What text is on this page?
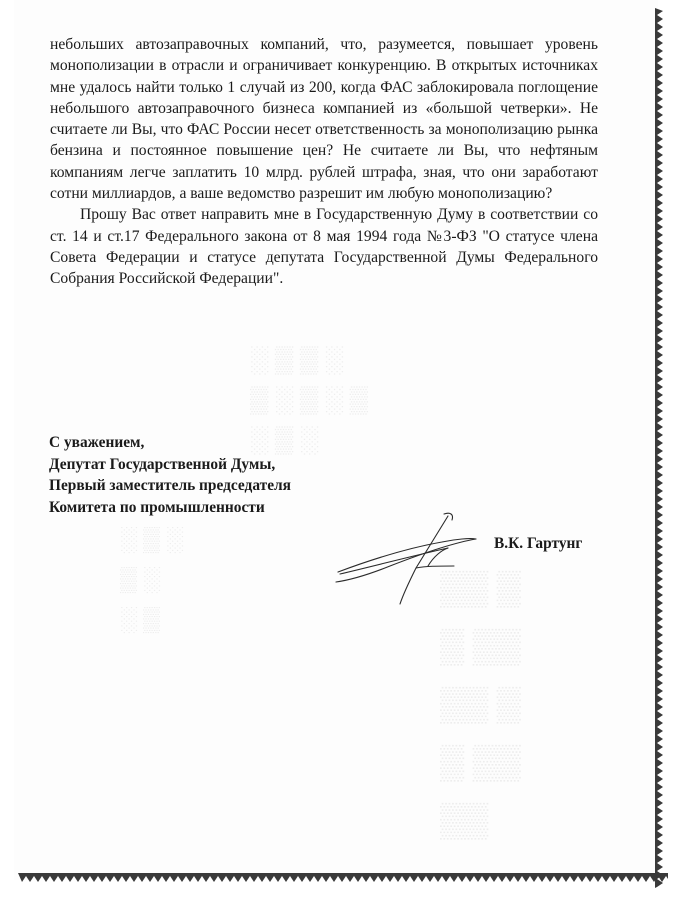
░ ▒ ▒ ░
▒ ░ ▒ ░ ▒
░ ▒ ░
▒▒ ▒
▒ ▒▒
▒▒ ▒
▒ ▒▒
▒▒
░ ▒ ░
▒ ░
░ ▒

небольших автозаправочных компаний, что, разумеется, повышает уровень монополизации в отрасли и ограничивает конкуренцию. В открытых источниках мне удалось найти только 1 случай из 200, когда ФАС заблокировала поглощение небольшого автозаправочного бизнеса компанией из «большой четверки». Не считаете ли Вы, что ФАС России несет ответственность за монополизацию рынка бензина и постоянное повышение цен? Не считаете ли Вы, что нефтяным компаниям легче заплатить 10 млрд. рублей штрафа, зная, что они заработают сотни миллиардов, а ваше ведомство разрешит им любую монополизацию?

Прошу Вас ответ направить мне в Государственную Думу в соответствии со ст. 14 и ст.17 Федерального закона от 8 мая 1994 года №3-ФЗ "О статусе члена Совета Федерации и статусе депутата Государственной Думы Федерального Собрания Российской Федерации".

С уважением,
Депутат Государственной Думы,
Первый заместитель председателя
Комитета по промышленности
В.К. Гартунг
